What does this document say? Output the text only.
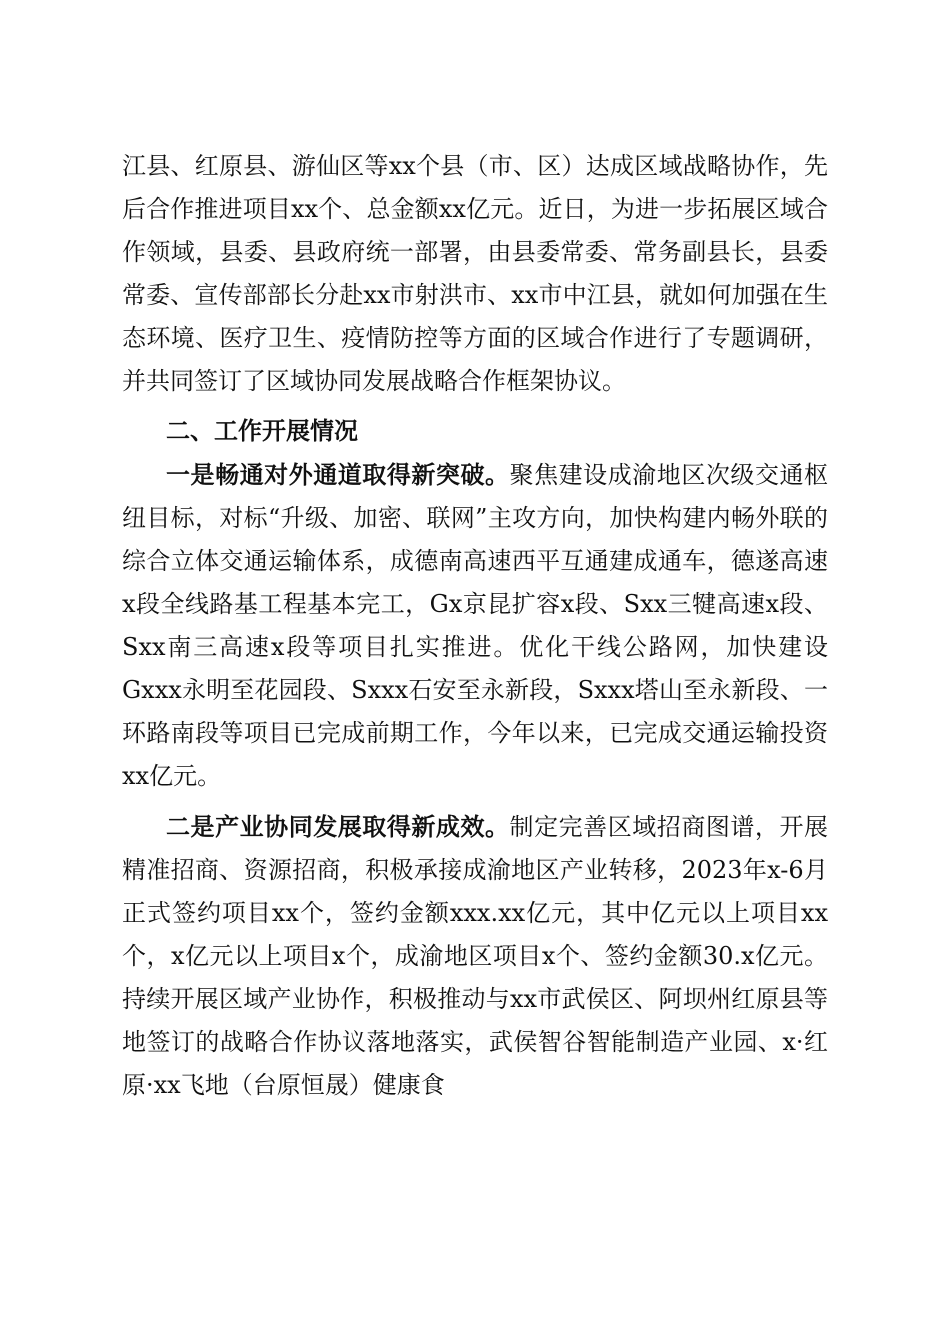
江县、红原县、游仙区等xx个县（市、区）达成区域战略协作，先后合作推进项目xx个、总金额xx亿元。近日，为进一步拓展区域合作领域，县委、县政府统一部署，由县委常委、常务副县长，县委常委、宣传部部长分赴xx市射洪市、xx市中江县，就如何加强在生态环境、医疗卫生、疫情防控等方面的区域合作进行了专题调研，并共同签订了区域协同发展战略合作框架协议。

二、工作开展情况

一是畅通对外通道取得新突破。聚焦建设成渝地区次级交通枢纽目标，对标“升级、加密、联网”主攻方向，加快构建内畅外联的综合立体交通运输体系，成德南高速西平互通建成通车，德遂高速x段全线路基工程基本完工，Gx京昆扩容x段、Sxx三犍高速x段、Sxx南三高速x段等项目扎实推进。优化干线公路网，加快建设Gxxx永明至花园段、Sxxx石安至永新段，Sxxx塔山至永新段、一环路南段等项目已完成前期工作，今年以来，已完成交通运输投资xx亿元。

二是产业协同发展取得新成效。制定完善区域招商图谱，开展精准招商、资源招商，积极承接成渝地区产业转移，2023年x-6月正式签约项目xx个，签约金额xxx.xx亿元，其中亿元以上项目xx个，x亿元以上项目x个，成渝地区项目x个、签约金额30.x亿元。持续开展区域产业协作，积极推动与xx市武侯区、阿坝州红原县等地签订的战略合作协议落地落实，武侯智谷智能制造产业园、x·红原·xx飞地（台原恒晟）健康食
